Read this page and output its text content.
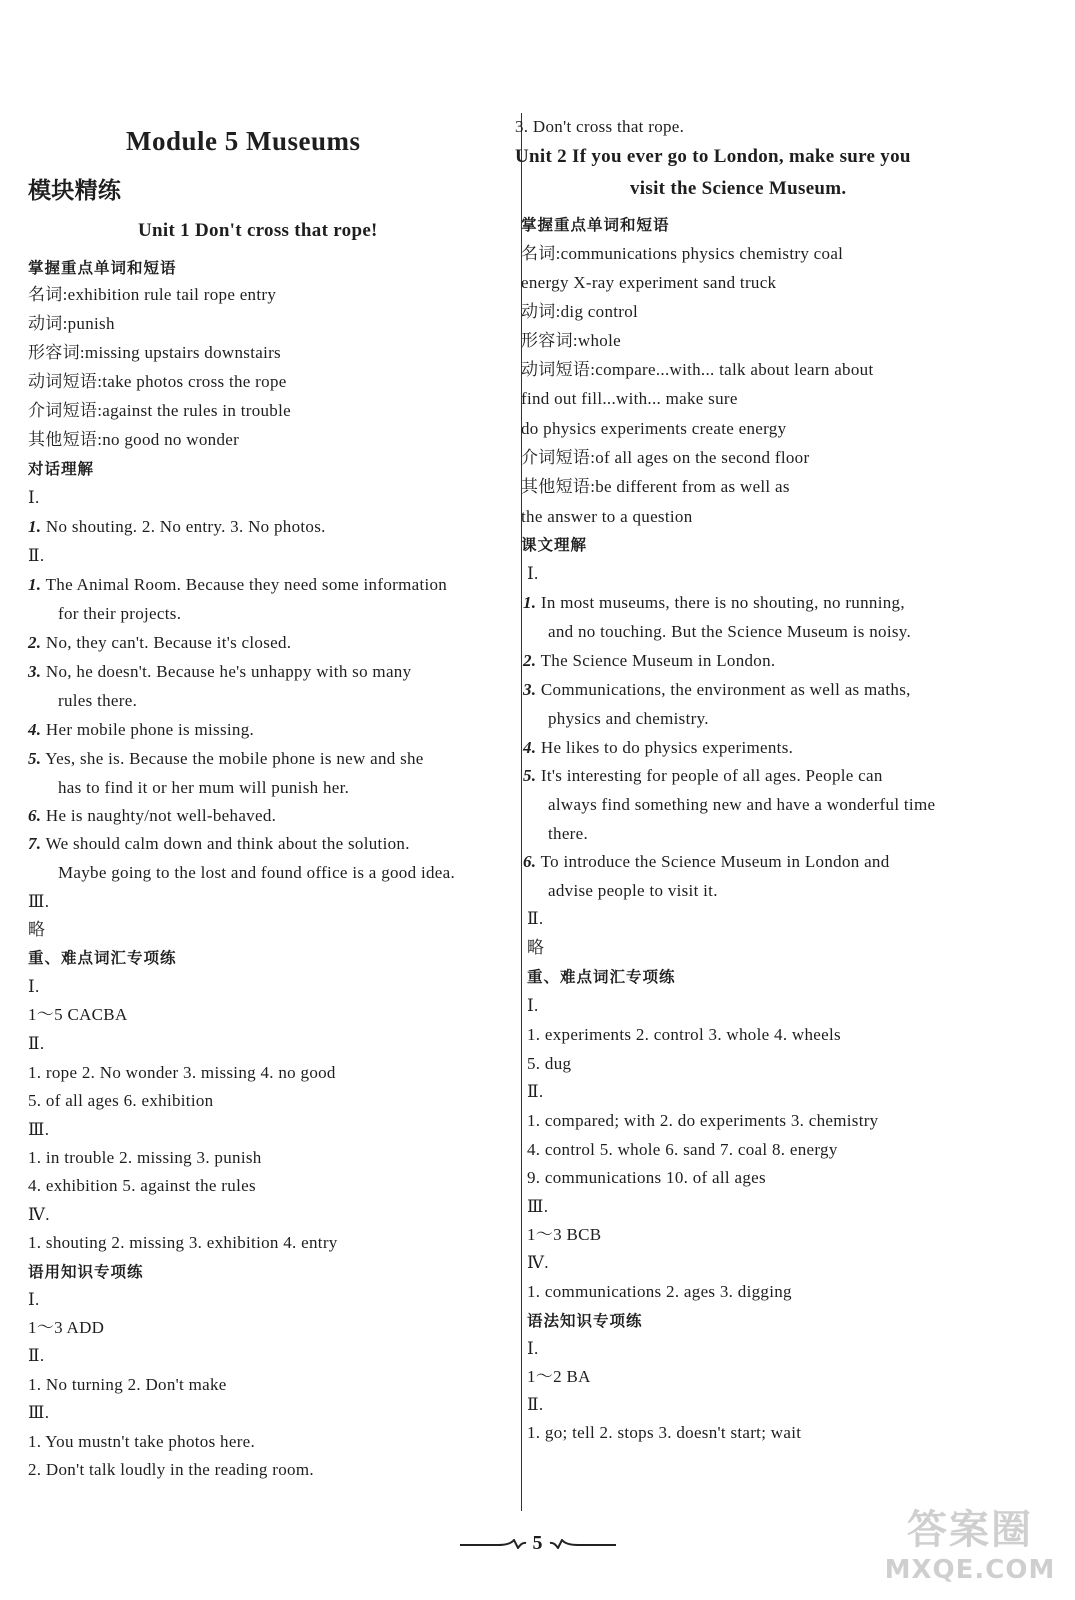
Module 5 Museums
模块精练
Unit 1 Don't cross that rope!
掌握重点单词和短语
名词:exhibition rule tail rope entry
动词:punish
形容词:missing upstairs downstairs
动词短语:take photos cross the rope
介词短语:against the rules in trouble
其他短语:no good no wonder
对话理解
Ⅰ.
1. No shouting. 2. No entry. 3. No photos.
Ⅱ.
1. The Animal Room. Because they need some information
for their projects.
2. No, they can't. Because it's closed.
3. No, he doesn't. Because he's unhappy with so many
rules there.
4. Her mobile phone is missing.
5. Yes, she is. Because the mobile phone is new and she
has to find it or her mum will punish her.
6. He is naughty/not well-behaved.
7. We should calm down and think about the solution.
Maybe going to the lost and found office is a good idea.
Ⅲ.
略
重、难点词汇专项练
Ⅰ.
1～5 CACBA
Ⅱ.
1. rope 2. No wonder 3. missing 4. no good
5. of all ages 6. exhibition
Ⅲ.
1. in trouble 2. missing 3. punish
4. exhibition 5. against the rules
Ⅳ.
1. shouting 2. missing 3. exhibition 4. entry
语用知识专项练
Ⅰ.
1～3 ADD
Ⅱ.
1. No turning 2. Don't make
Ⅲ.
1. You mustn't take photos here.
2. Don't talk loudly in the reading room.
3. Don't cross that rope.
Unit 2 If you ever go to London, make sure you
visit the Science Museum.
掌握重点单词和短语
名词:communications physics chemistry coal
energy X-ray experiment sand truck
动词:dig control
形容词:whole
动词短语:compare...with... talk about learn about
find out fill...with... make sure
do physics experiments create energy
介词短语:of all ages on the second floor
其他短语:be different from as well as
the answer to a question
课文理解
Ⅰ.
1. In most museums, there is no shouting, no running,
and no touching. But the Science Museum is noisy.
2. The Science Museum in London.
3. Communications, the environment as well as maths,
physics and chemistry.
4. He likes to do physics experiments.
5. It's interesting for people of all ages. People can
always find something new and have a wonderful time
there.
6. To introduce the Science Museum in London and
advise people to visit it.
Ⅱ.
略
重、难点词汇专项练
Ⅰ.
1. experiments 2. control 3. whole 4. wheels
5. dug
Ⅱ.
1. compared; with 2. do experiments 3. chemistry
4. control 5. whole 6. sand 7. coal 8. energy
9. communications 10. of all ages
Ⅲ.
1～3 BCB
Ⅳ.
1. communications 2. ages 3. digging
语法知识专项练
Ⅰ.
1～2 BA
Ⅱ.
1. go; tell 2. stops 3. doesn't start; wait
5	答案圈
MXQE.COM
